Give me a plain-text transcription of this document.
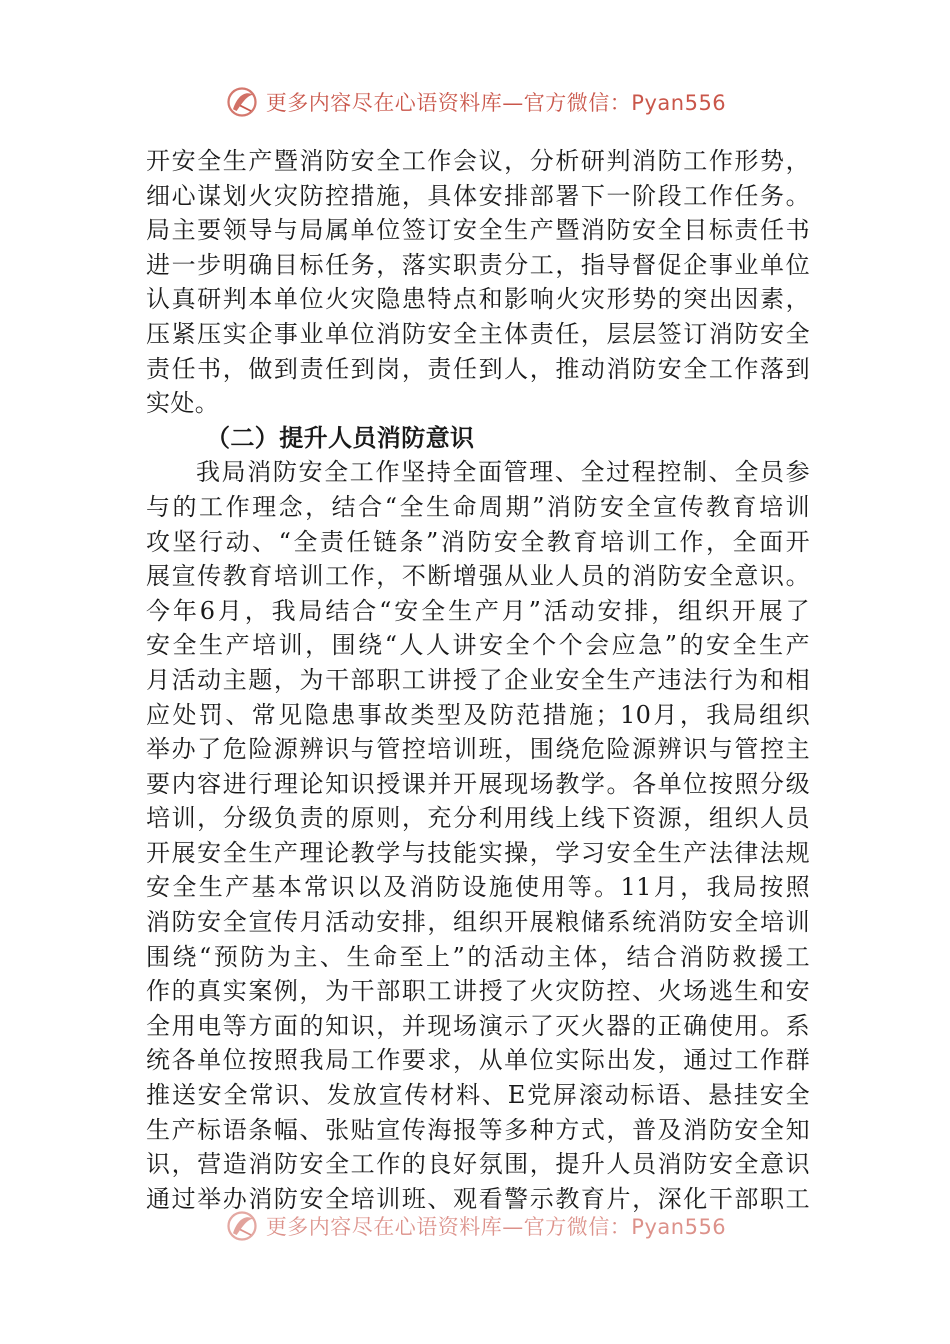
更多内容尽在心语资料库—官方微信：Pyan556
开安全生产暨消防安全工作会议，分析研判消防工作形势，
细心谋划火灾防控措施，具体安排部署下一阶段工作任务。
局主要领导与局属单位签订安全生产暨消防安全目标责任书
进一步明确目标任务，落实职责分工，指导督促企事业单位
认真研判本单位火灾隐患特点和影响火灾形势的突出因素，
压紧压实企事业单位消防安全主体责任，层层签订消防安全
责任书，做到责任到岗，责任到人，推动消防安全工作落到
实处。
（二）提升人员消防意识
我局消防安全工作坚持全面管理、全过程控制、全员参
与的工作理念，结合“全生命周期”消防安全宣传教育培训
攻坚行动、“全责任链条”消防安全教育培训工作，全面开
展宣传教育培训工作，不断增强从业人员的消防安全意识。
今年6月，我局结合“安全生产月”活动安排，组织开展了
安全生产培训，围绕“人人讲安全个个会应急”的安全生产
月活动主题，为干部职工讲授了企业安全生产违法行为和相
应处罚、常见隐患事故类型及防范措施；10月，我局组织
举办了危险源辨识与管控培训班，围绕危险源辨识与管控主
要内容进行理论知识授课并开展现场教学。各单位按照分级
培训，分级负责的原则，充分利用线上线下资源，组织人员
开展安全生产理论教学与技能实操，学习安全生产法律法规
安全生产基本常识以及消防设施使用等。11月，我局按照
消防安全宣传月活动安排，组织开展粮储系统消防安全培训
围绕“预防为主、生命至上”的活动主体，结合消防救援工
作的真实案例，为干部职工讲授了火灾防控、火场逃生和安
全用电等方面的知识，并现场演示了灭火器的正确使用。系
统各单位按照我局工作要求，从单位实际出发，通过工作群
推送安全常识、发放宣传材料、E党屏滚动标语、悬挂安全
生产标语条幅、张贴宣传海报等多种方式，普及消防安全知
识，营造消防安全工作的良好氛围，提升人员消防安全意识
通过举办消防安全培训班、观看警示教育片，深化干部职工
更多内容尽在心语资料库—官方微信：Pyan556
